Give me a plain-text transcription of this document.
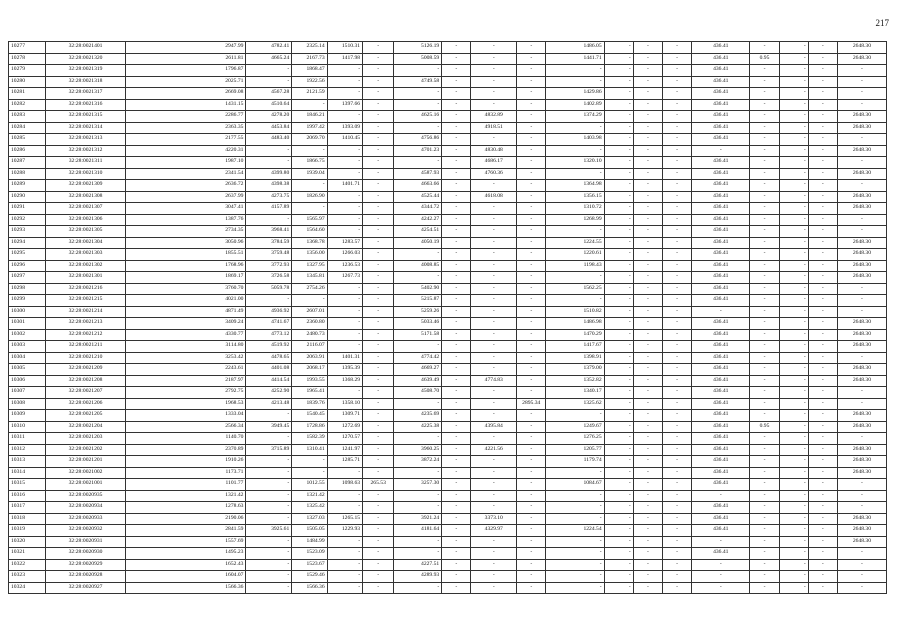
217
10277	32:28:0021401	2947.99	4782.41	2325.14	1510.31	-	5126.19	-	-	-	1486.05	-	-	-	436.41	-	-	-	2648.30
10278	32:28:0021320	2611.81	4665.24	2167.73	1417.98	-	5008.59	-	-	-	1441.71	-	-	-	436.41	0.95	-	-	2648.30
10279	32:28:0021319	1796.87	-	1868.47	-	-	-	-	-	-	-	-	-	-	436.41	-	-	-	-
10280	32:28:0021318	2025.71	-	1922.56	-	-	4749.58	-	-	-	-	-	-	-	436.41	-	-	-	-
10281	32:28:0021317	2669.08	4567.28	2121.59	-	-	-	-	-	-	1429.86	-	-	-	436.41	-	-	-	-
10282	32:28:0021316	1431.15	4510.64	-	1397.66	-	-	-	-	-	1402.89	-	-	-	436.41	-	-	-	-
10283	32:28:0021315	2286.77	4278.20	1846.21	-	-	4625.16	-	4832.89	-	1374.29	-	-	-	436.41	-	-	-	2648.30
10284	32:28:0021314	2363.35	4453.84	1997.42	1393.09	-	-	-	4918.51	-	-	-	-	-	436.41	-	-	-	2648.30
10285	32:28:0021313	2177.55	4483.40	2069.70	1410.45	-	4756.86	-	-	-	1403.98	-	-	-	436.41	-	-	-	-
10286	32:28:0021312	4220.31	-	-	-	-	4701.23	-	4830.48	-	-	-	-	-	-	-	-	-	2648.30
10287	32:28:0021311	1987.10	-	1866.75	-	-	-	-	4686.17	-	1320.10	-	-	-	436.41	-	-	-	-
10288	32:28:0021310	2341.54	4399.80	1939.04	-	-	4587.93	-	4760.36	-	-	-	-	-	436.41	-	-	-	2648.30
10289	32:28:0021309	2636.72	4398.38	-	1401.71	-	4663.66	-	-	-	1364.98	-	-	-	436.41	-	-	-	-
10290	32:28:0021308	2637.99	4273.75	1826.90	-	-	4525.44	-	4618.08	-	1356.15	-	-	-	436.41	-	-	-	2648.30
10291	32:28:0021307	3047.41	4157.89	-	-	-	4344.72	-	-	-	1310.72	-	-	-	436.41	-	-	-	2648.30
10292	32:28:0021306	1387.76	-	1565.97	-	-	4242.27	-	-	-	1268.99	-	-	-	436.41	-	-	-	-
10293	32:28:0021305	2734.35	3968.41	1564.60	-	-	4254.51	-	-	-	-	-	-	-	436.41	-	-	-	-
10294	32:28:0021304	3050.96	3784.59	1368.78	1283.57	-	4050.19	-	-	-	1224.55	-	-	-	436.41	-	-	-	2648.30
10295	32:28:0021303	1855.51	3759.48	1356.00	1266.03	-	-	-	-	-	1220.61	-	-	-	436.41	-	-	-	2648.30
10296	32:28:0021302	1768.96	3772.93	1327.95	1236.53	-	4008.85	-	-	-	1198.43	-	-	-	436.41	-	-	-	2648.30
10297	32:28:0021301	1869.17	3726.58	1345.81	1267.73	-	-	-	-	-	-	-	-	-	436.41	-	-	-	2648.30
10298	32:28:0021216	3760.70	5059.78	2754.26	-	-	5402.90	-	-	-	1562.25	-	-	-	436.41	-	-	-	-
10299	32:28:0021215	4021.00	-	-	-	-	5215.87	-	-	-	-	-	-	-	436.41	-	-	-	-
10300	32:28:0021214	4871.49	4936.92	2607.01	-	-	5259.26	-	-	-	1510.82	-	-	-	-	-	-	-	-
10301	32:28:0021213	3409.24	4741.67	2360.80	-	-	5033.46	-	-	-	1486.98	-	-	-	436.41	-	-	-	2648.30
10302	32:28:0021212	4330.77	4773.12	2480.73	-	-	5171.58	-	-	-	1470.29	-	-	-	436.41	-	-	-	2648.30
10303	32:28:0021211	3114.80	4519.92	2116.07	-	-	-	-	-	-	1417.67	-	-	-	436.41	-	-	-	2648.30
10304	32:28:0021210	3253.42	4478.65	2063.91	1401.31	-	4774.42	-	-	-	1398.91	-	-	-	436.41	-	-	-	-
10305	32:28:0021209	2243.61	4401.08	2068.17	1395.39	-	4669.27	-	-	-	1379.00	-	-	-	436.41	-	-	-	2648.30
10306	32:28:0021208	2187.97	4414.54	1993.55	1368.29	-	4639.49	-	4774.83	-	1352.82	-	-	-	436.41	-	-	-	2648.30
10307	32:28:0021207	2792.75	4252.90	1965.41	-	-	4508.70	-	-	-	1340.17	-	-	-	436.41	-	-	-	-
10308	32:28:0021206	1968.53	4213.48	1839.76	1358.10	-	-	-	-	2895.34	1325.62	-	-	-	436.41	-	-	-	-
10309	32:28:0021205	1333.04	-	1540.45	1309.71	-	4235.69	-	-	-	-	-	-	-	436.41	-	-	-	2648.30
10310	32:28:0021204	2566.34	3949.45	1728.86	1272.69	-	4225.38	-	4395.84	-	1249.67	-	-	-	436.41	0.95	-	-	2648.30
10311	32:28:0021203	1140.70	-	1582.39	1270.57	-	-	-	-	-	1276.25	-	-	-	436.41	-	-	-	-
10312	32:28:0021202	2370.89	3715.89	1310.41	1241.97	-	3960.25	-	4221.56	-	1205.77	-	-	-	436.41	-	-	-	2648.30
10313	32:28:0021201	1910.26	-	-	1285.71	-	3872.24	-	-	-	1179.74	-	-	-	436.41	-	-	-	2648.30
10314	32:28:0021002	1173.71	-	-	-	-	-	-	-	-	-	-	-	-	436.41	-	-	-	2648.30
10315	32:28:0021001	1101.77	-	1012.55	1098.63	265.53	3257.30	-	-	-	1084.67	-	-	-	436.41	-	-	-	-
10316	32:28:0020935	1321.42	-	1321.42	-	-	-	-	-	-	-	-	-	-	-	-	-	-	-
10317	32:28:0020934	1278.63	-	1325.42	-	-	-	-	-	-	-	-	-	-	436.41	-	-	-	-
10318	32:28:0020933	2190.06	-	1327.03	1265.15	-	3921.24	-	3373.10	-	-	-	-	-	436.41	-	-	-	2648.30
10319	32:28:0020932	2841.59	3925.61	1505.05	1229.93	-	4181.64	-	4329.97	-	1224.54	-	-	-	436.41	-	-	-	2648.30
10320	32:28:0020931	1557.69	-	1484.99	-	-	-	-	-	-	-	-	-	-	-	-	-	-	2648.30
10321	32:28:0020930	1495.23	-	1523.09	-	-	-	-	-	-	-	-	-	-	436.41	-	-	-	-
10322	32:28:0020929	1652.43	-	1523.67	-	-	4227.51	-	-	-	-	-	-	-	-	-	-	-	-
10323	32:28:0020928	1604.07	-	1529.46	-	-	4289.93	-	-	-	-	-	-	-	-	-	-	-	-
10324	32:28:0020927	1566.36	-	1566.36	-	-	-	-	-	-	-	-	-	-	-	-	-	-	-
